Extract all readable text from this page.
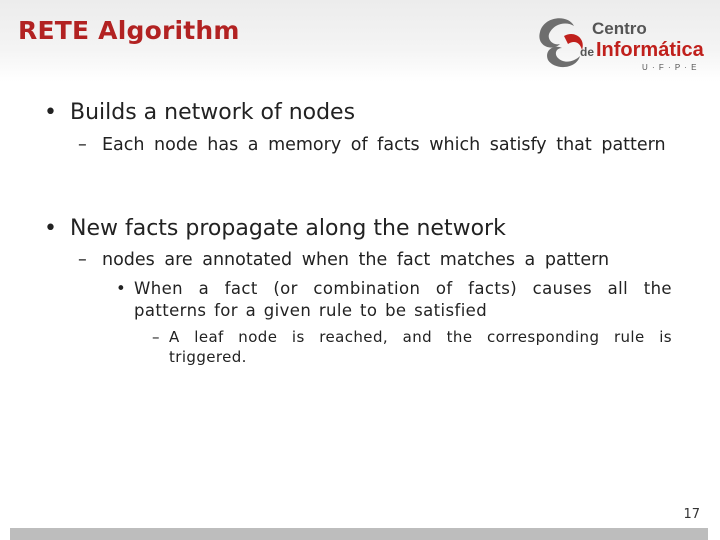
RETE Algorithm	Centro
de Informática
U · F · P · E
• Builds a network of nodes
– Each node has a memory of facts which satisfy that pattern
• New facts propagate along the network
– nodes are annotated when the fact matches a pattern
• When a fact (or combination of facts) causes all the patterns for a given rule to be satisfied
– A leaf node is reached, and the corresponding rule is triggered.
17
